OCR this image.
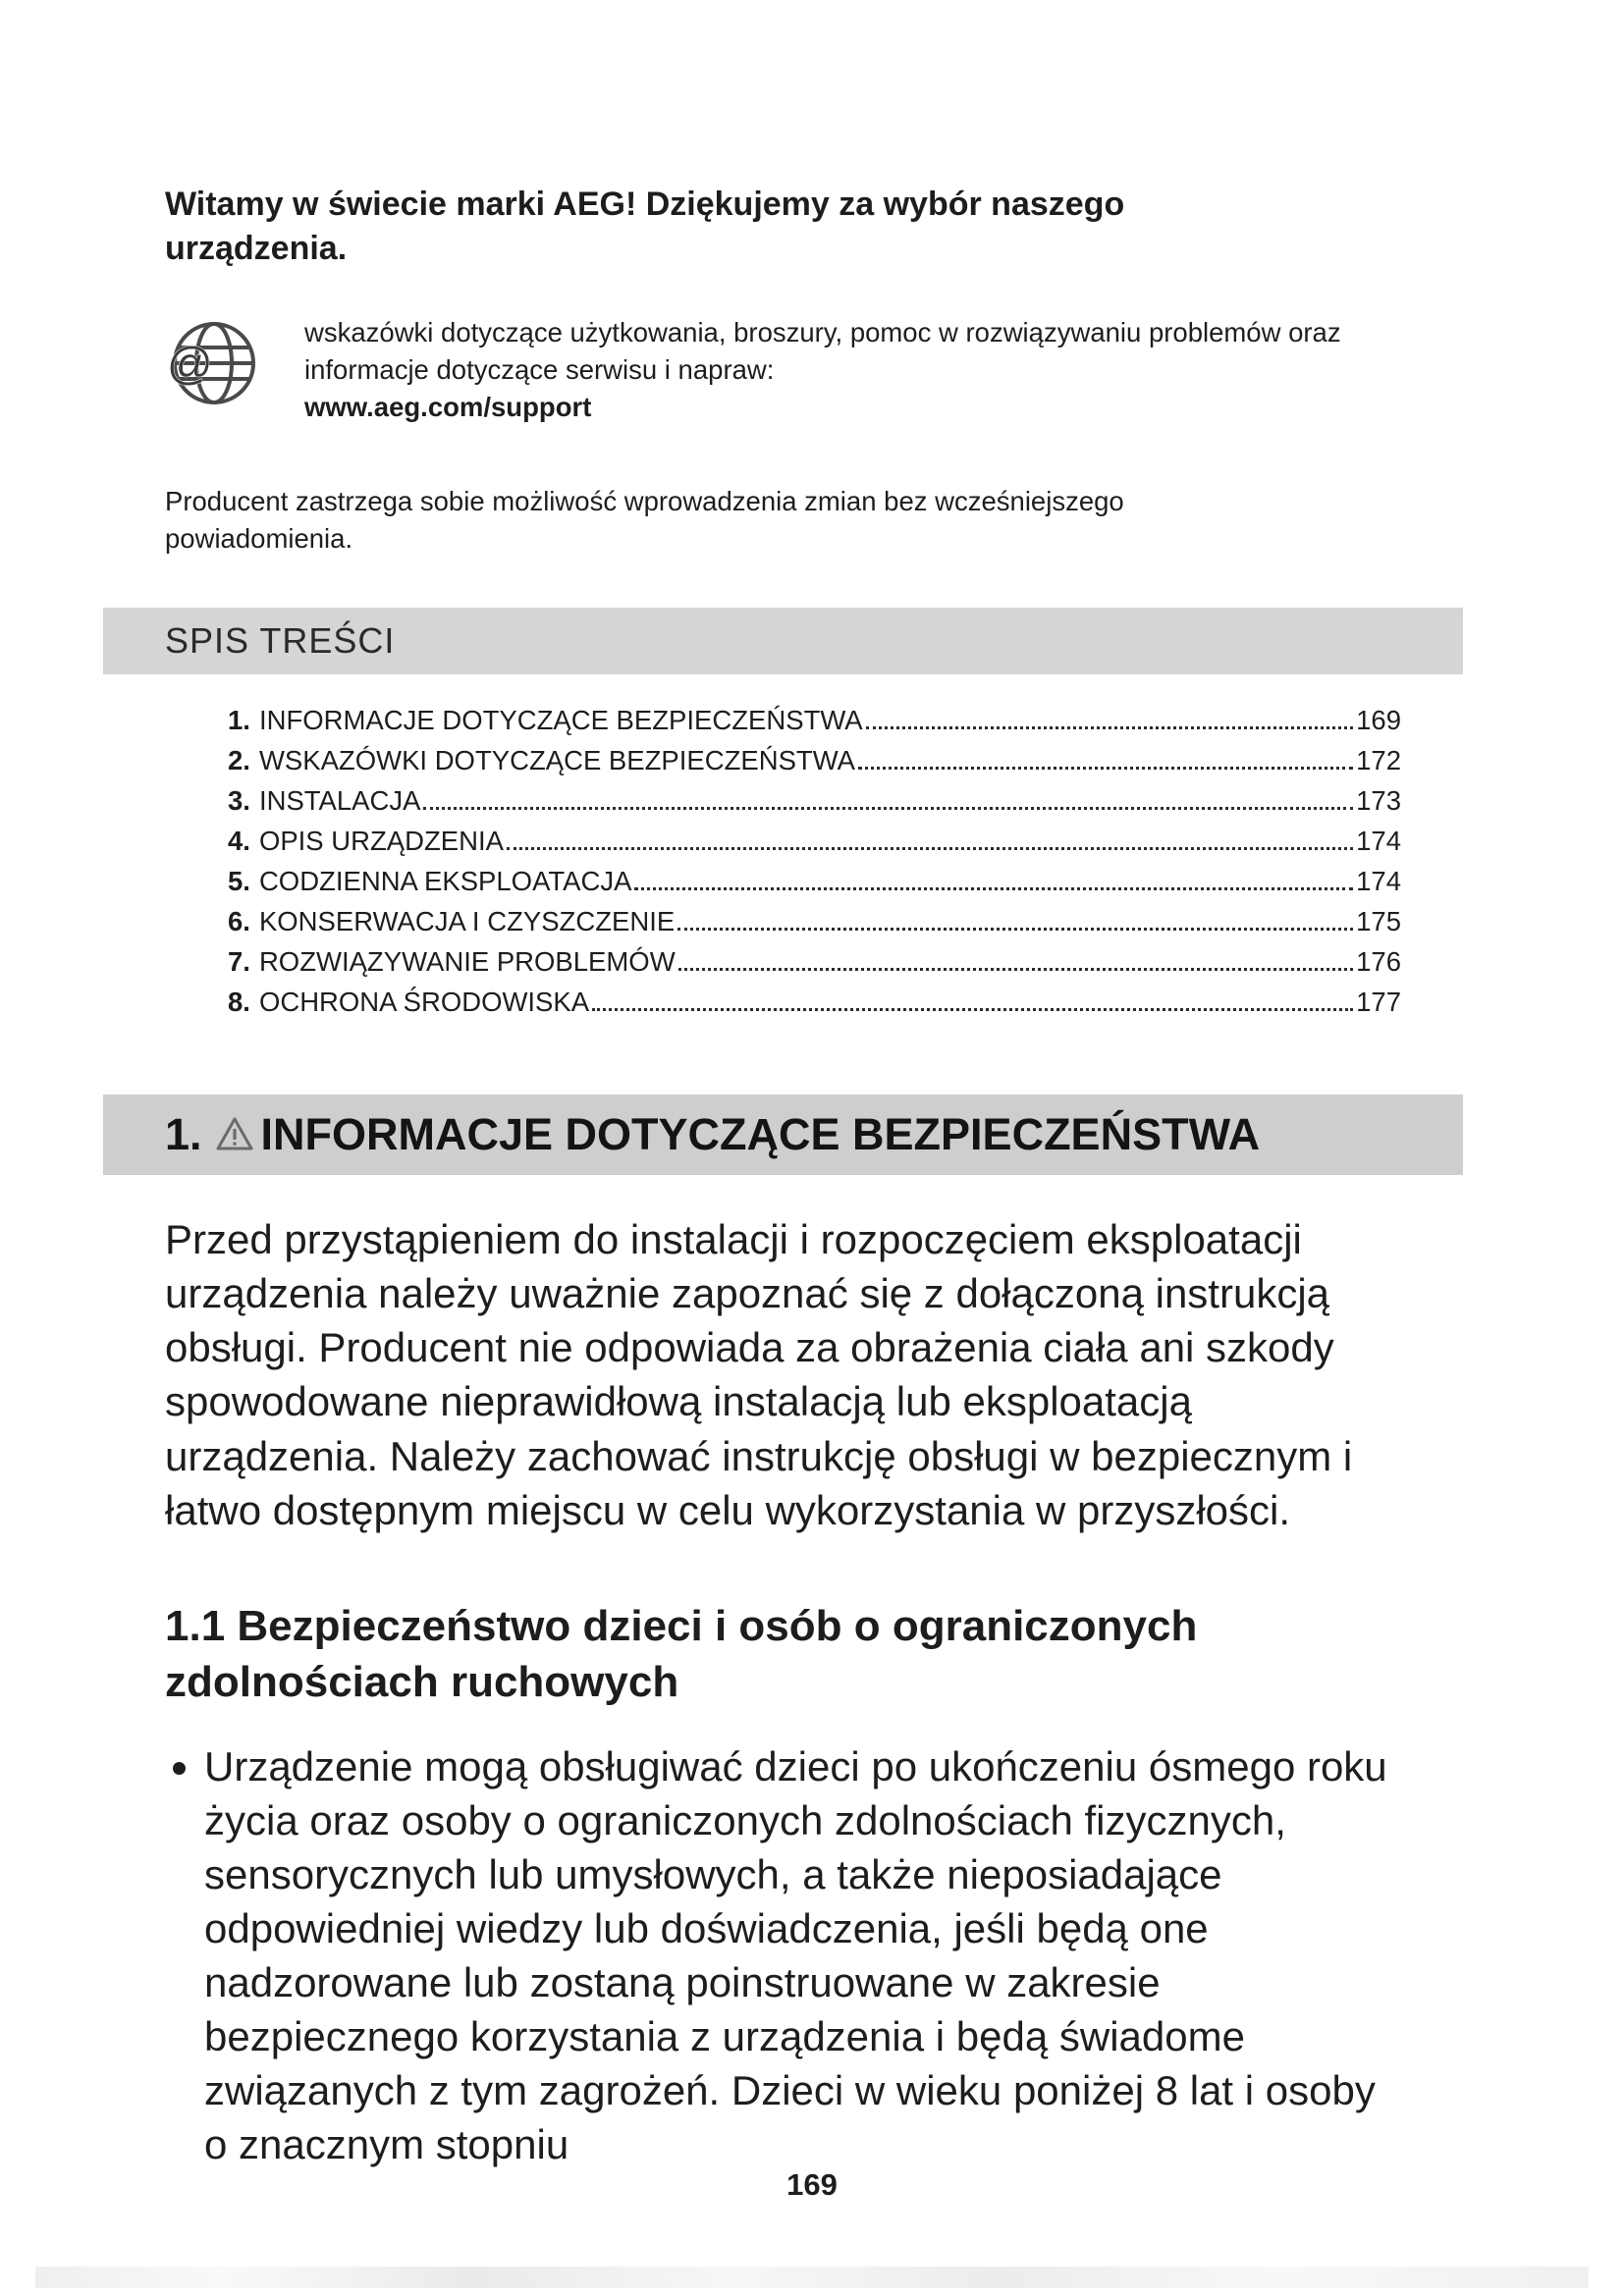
Witamy w świecie marki AEG! Dziękujemy za wybór naszego urządzenia.
@
wskazówki dotyczące użytkowania, broszury, pomoc w rozwiązywaniu problemów oraz informacje dotyczące serwisu i napraw:
www.aeg.com/support
Producent zastrzega sobie możliwość wprowadzenia zmian bez wcześniejszego powiadomienia.
SPIS TREŚCI
1. INFORMACJE DOTYCZĄCE BEZPIECZEŃSTWA	169
2. WSKAZÓWKI DOTYCZĄCE BEZPIECZEŃSTWA	172
3. INSTALACJA	173
4. OPIS URZĄDZENIA	174
5. CODZIENNA EKSPLOATACJA	174
6. KONSERWACJA I CZYSZCZENIE	175
7. ROZWIĄZYWANIE PROBLEMÓW	176
8. OCHRONA ŚRODOWISKA	177
1. INFORMACJE DOTYCZĄCE BEZPIECZEŃSTWA
Przed przystąpieniem do instalacji i rozpoczęciem eksploatacji urządzenia należy uważnie zapoznać się z dołączoną instrukcją obsługi. Producent nie odpowiada za obrażenia ciała ani szkody spowodowane nieprawidłową instalacją lub eksploatacją urządzenia. Należy zachować instrukcję obsługi w bezpiecznym i łatwo dostępnym miejscu w celu wykorzystania w przyszłości.
1.1 Bezpieczeństwo dzieci i osób o ograniczonych zdolnościach ruchowych
• Urządzenie mogą obsługiwać dzieci po ukończeniu ósmego roku życia oraz osoby o ograniczonych zdolnościach fizycznych, sensorycznych lub umysłowych, a także nieposiadające odpowiedniej wiedzy lub doświadczenia, jeśli będą one nadzorowane lub zostaną poinstruowane w zakresie bezpiecznego korzystania z urządzenia i będą świadome związanych z tym zagrożeń. Dzieci w wieku poniżej 8 lat i osoby o znacznym stopniu
169
